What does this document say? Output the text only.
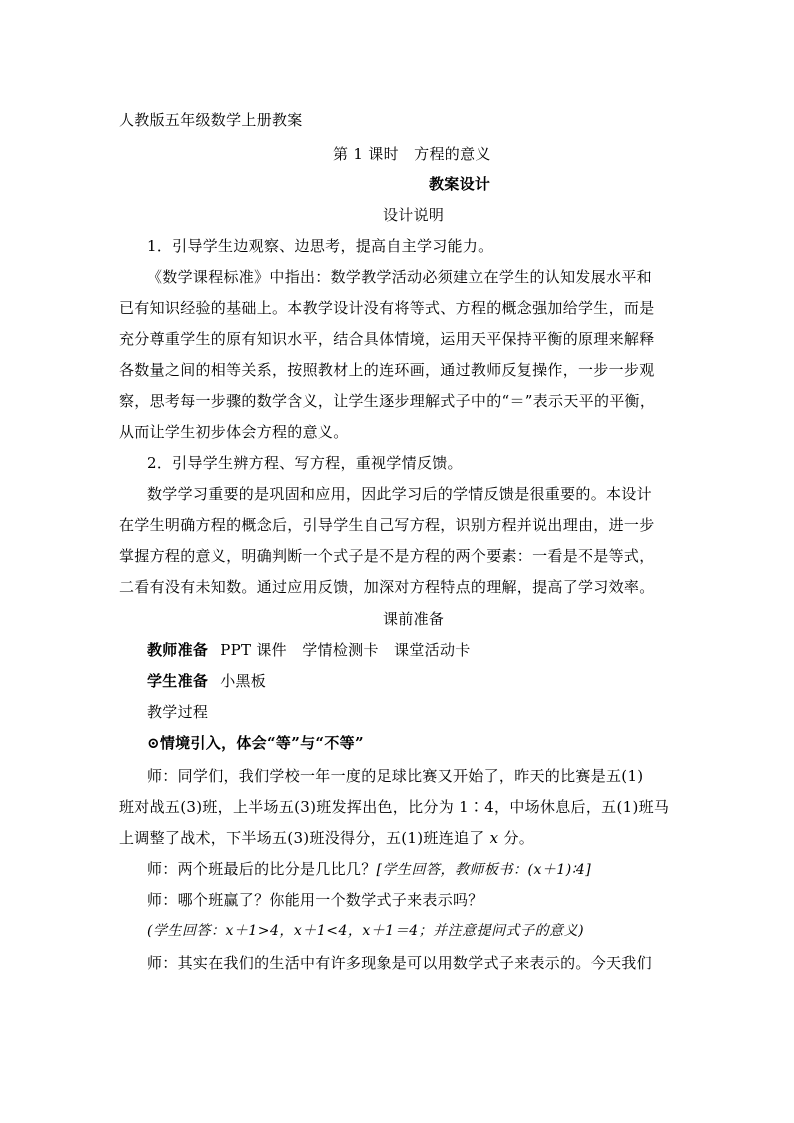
人教版五年级数学上册教案
第 1 课时　方程的意义
教案设计
设计说明
1．引导学生边观察、边思考，提高自主学习能力。
《数学课程标准》中指出：数学教学活动必须建立在学生的认知发展水平和
已有知识经验的基础上。本教学设计没有将等式、方程的概念强加给学生，而是
充分尊重学生的原有知识水平，结合具体情境，运用天平保持平衡的原理来解释
各数量之间的相等关系，按照教材上的连环画，通过教师反复操作，一步一步观
察，思考每一步骤的数学含义，让学生逐步理解式子中的“＝”表示天平的平衡，
从而让学生初步体会方程的意义。
2．引导学生辨方程、写方程，重视学情反馈。
数学学习重要的是巩固和应用，因此学习后的学情反馈是很重要的。本设计
在学生明确方程的概念后，引导学生自己写方程，识别方程并说出理由，进一步
掌握方程的意义，明确判断一个式子是不是方程的两个要素：一看是不是等式，
二看有没有未知数。通过应用反馈，加深对方程特点的理解，提高了学习效率。
课前准备
教师准备 PPT 课件　学情检测卡　课堂活动卡
学生准备 小黑板
教学过程
⊙情境引入，体会“等”与“不等”
师：同学们，我们学校一年一度的足球比赛又开始了，昨天的比赛是五(1)
班对战五(3)班，上半场五(3)班发挥出色，比分为 1∶4，中场休息后，五(1)班马
上调整了战术，下半场五(3)班没得分，五(1)班连追了 x 分。
师：两个班最后的比分是几比几？[学生回答，教师板书：(x＋1)∶4]
师：哪个班赢了？你能用一个数学式子来表示吗？
(学生回答：x＋1>4，x＋1<4，x＋1＝4；并注意提问式子的意义)
师：其实在我们的生活中有许多现象是可以用数学式子来表示的。今天我们
